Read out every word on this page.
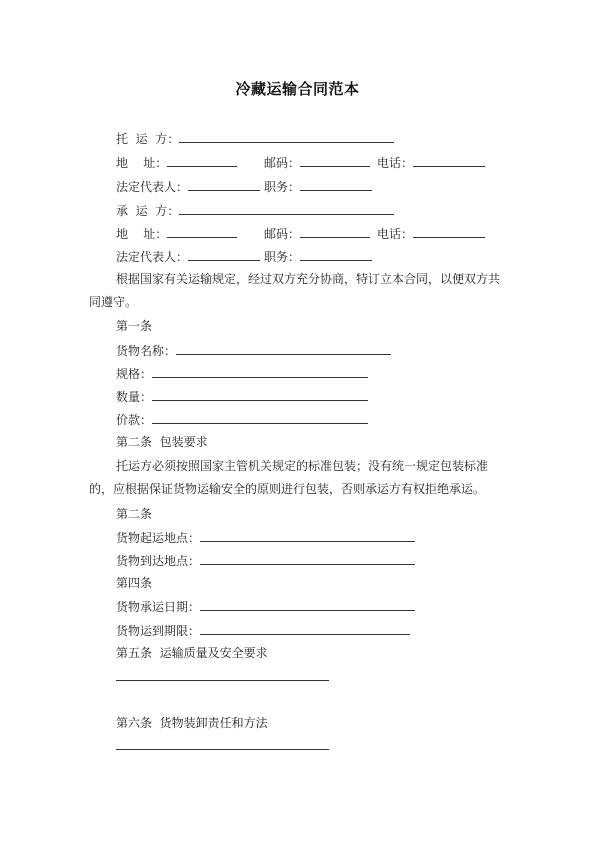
冷藏运输合同范本
托  运  方：
地    址：	邮码：	电话：
法定代表人：	职务：
承  运  方：
地    址：	邮码：	电话：
法定代表人：	职务：
根据国家有关运输规定，经过双方充分协商，特订立本合同，以便双方共同遵守。
第一条
货物名称：
规格：
数量：
价款：
第二条  包装要求
托运方必须按照国家主管机关规定的标准包装；没有统一规定包装标准的，应根据保证货物运输安全的原则进行包装，否则承运方有权拒绝承运。
第二条
货物起运地点：
货物到达地点：
第四条
货物承运日期：
货物运到期限：
第五条  运输质量及安全要求
第六条  货物装卸责任和方法
